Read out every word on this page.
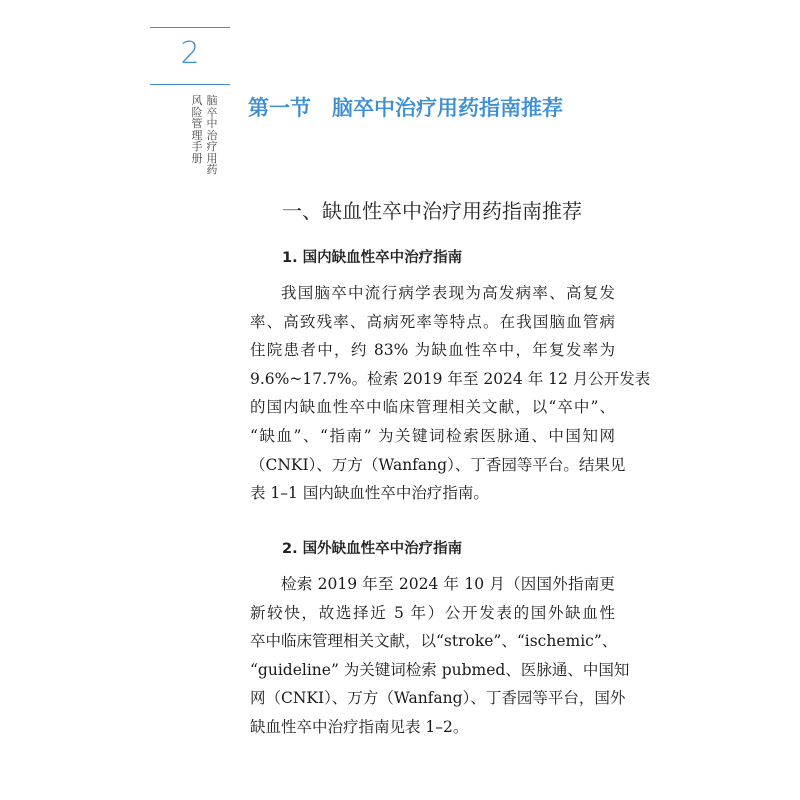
2
脑
卒
中
治
疗
用
药
风
险
管
理
手
册
第一节　脑卒中治疗用药指南推荐
一、缺血性卒中治疗用药指南推荐
1. 国内缺血性卒中治疗指南
我国脑卒中流行病学表现为高发病率、高复发
率、高致残率、高病死率等特点。在我国脑血管病
住院患者中，约 83% 为缺血性卒中，年复发率为
9.6%~17.7%。检索 2019 年至 2024 年 12 月公开发表
的国内缺血性卒中临床管理相关文献，以“卒中”、
“缺血”、“指南” 为关键词检索医脉通、中国知网
（CNKI）、万方（Wanfang）、丁香园等平台。结果见
表 1–1 国内缺血性卒中治疗指南。
2. 国外缺血性卒中治疗指南
检索 2019 年至 2024 年 10 月（因国外指南更
新较快，故选择近 5 年）公开发表的国外缺血性
卒中临床管理相关文献，以“stroke”、“ischemic”、
“guideline” 为关键词检索 pubmed、医脉通、中国知
网（CNKI）、万方（Wanfang）、丁香园等平台，国外
缺血性卒中治疗指南见表 1–2。
